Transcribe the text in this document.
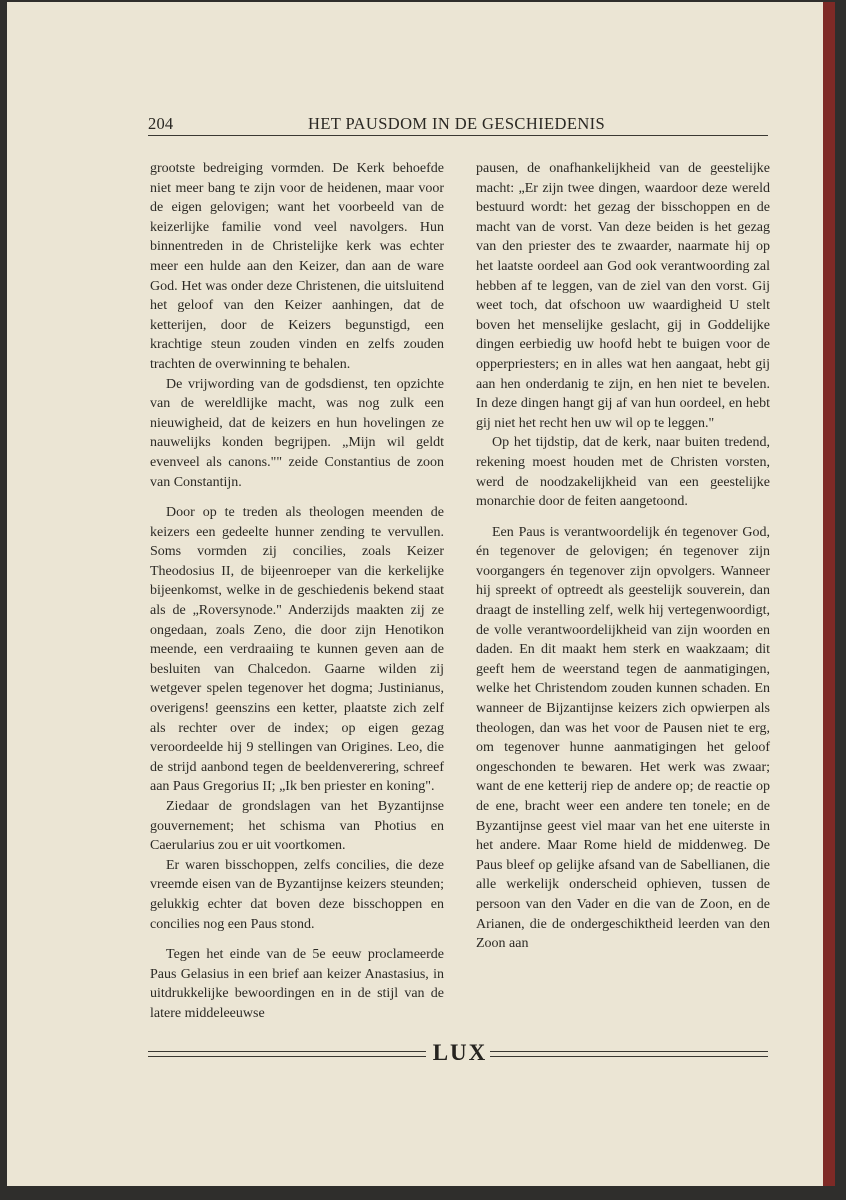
204	HET PAUSDOM IN DE GESCHIEDENIS

grootste bedreiging vormden. De Kerk behoefde niet meer bang te zijn voor de heidenen, maar voor de eigen gelovigen; want het voorbeeld van de keizerlijke familie vond veel navolgers. Hun binnentreden in de Christelijke kerk was echter meer een hulde aan den Keizer, dan aan de ware God. Het was onder deze Christenen, die uitsluitend het geloof van den Keizer aanhingen, dat de ketterijen, door de Keizers begunstigd, een krachtige steun zouden vinden en zelfs zouden trachten de overwinning te behalen.

De vrijwording van de godsdienst, ten opzichte van de wereldlijke macht, was nog zulk een nieuwigheid, dat de keizers en hun hovelingen ze nauwelijks konden begrijpen. „Mijn wil geldt evenveel als canons."" zeide Constantius de zoon van Constantijn.

Door op te treden als theologen meenden de keizers een gedeelte hunner zending te vervullen. Soms vormden zij concilies, zoals Keizer Theodosius II, de bijeenroeper van die kerkelijke bijeenkomst, welke in de geschiedenis bekend staat als de „Roversynode." Anderzijds maakten zij ze ongedaan, zoals Zeno, die door zijn Henotikon meende, een verdraaiing te kunnen geven aan de besluiten van Chalcedon. Gaarne wilden zij wetgever spelen tegenover het dogma; Justinianus, overigens! geenszins een ketter, plaatste zich zelf als rechter over de index; op eigen gezag veroordeelde hij 9 stellingen van Origines. Leo, die de strijd aanbond tegen de beeldenverering, schreef aan Paus Gregorius II; „Ik ben priester en koning".

Ziedaar de grondslagen van het Byzantijnse gouvernement; het schisma van Photius en Caerularius zou er uit voortkomen.

Er waren bisschoppen, zelfs concilies, die deze vreemde eisen van de Byzantijnse keizers steunden; gelukkig echter dat boven deze bisschoppen en concilies nog een Paus stond.

Tegen het einde van de 5e eeuw proclameerde Paus Gelasius in een brief aan keizer Anastasius, in uitdrukkelijke bewoordingen en in de stijl van de latere middeleeuwse

pausen, de onafhankelijkheid van de geestelijke macht: „Er zijn twee dingen, waardoor deze wereld bestuurd wordt: het gezag der bisschoppen en de macht van de vorst. Van deze beiden is het gezag van den priester des te zwaarder, naarmate hij op het laatste oordeel aan God ook verantwoording zal hebben af te leggen, van de ziel van den vorst. Gij weet toch, dat ofschoon uw waardigheid U stelt boven het menselijke geslacht, gij in Goddelijke dingen eerbiedig uw hoofd hebt te buigen voor de opperpriesters; en in alles wat hen aangaat, hebt gij aan hen onderdanig te zijn, en hen niet te bevelen. In deze dingen hangt gij af van hun oordeel, en hebt gij niet het recht hen uw wil op te leggen."

Op het tijdstip, dat de kerk, naar buiten tredend, rekening moest houden met de Christen vorsten, werd de noodzakelijkheid van een geestelijke monarchie door de feiten aangetoond.

Een Paus is verantwoordelijk én tegenover God, én tegenover de gelovigen; én tegenover zijn voorgangers én tegenover zijn opvolgers. Wanneer hij spreekt of optreedt als geestelijk souverein, dan draagt de instelling zelf, welk hij vertegenwoordigt, de volle verantwoordelijkheid van zijn woorden en daden. En dit maakt hem sterk en waakzaam; dit geeft hem de weerstand tegen de aanmatigingen, welke het Christendom zouden kunnen schaden. En wanneer de Bijzantijnse keizers zich opwierpen als theologen, dan was het voor de Pausen niet te erg, om tegenover hunne aanmatigingen het geloof ongeschonden te bewaren. Het werk was zwaar; want de ene ketterij riep de andere op; de reactie op de ene, bracht weer een andere ten tonele; en de Byzantijnse geest viel maar van het ene uiterste in het andere. Maar Rome hield de middenweg. De Paus bleef op gelijke afsand van de Sabellianen, die alle werkelijk onderscheid ophieven, tussen de persoon van den Vader en die van de Zoon, en de Arianen, die de ondergeschiktheid leerden van den Zoon aan

LUX
